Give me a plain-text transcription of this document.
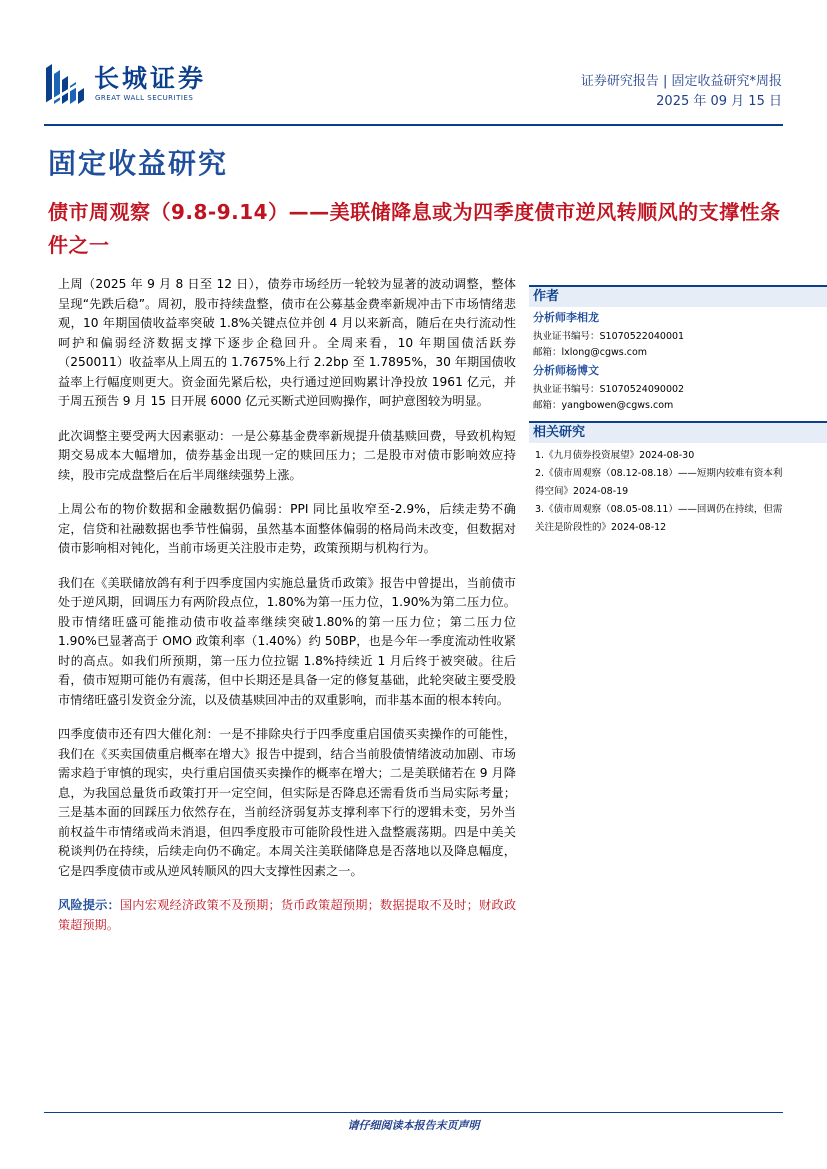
长城证券
GREAT WALL SECURITIES
证券研究报告 | 固定收益研究*周报
2025 年 09 月 15 日
固定收益研究
债市周观察（9.8-9.14）——美联储降息或为四季度债市逆风转顺风的支撑性条件之一

上周（2025 年 9 月 8 日至 12 日），债券市场经历一轮较为显著的波动调整，整体呈现“先跌后稳”。周初，股市持续盘整，债市在公募基金费率新规冲击下市场情绪悲观，10 年期国债收益率突破 1.8%关键点位并创 4 月以来新高，随后在央行流动性呵护和偏弱经济数据支撑下逐步企稳回升。全周来看，10 年期国债活跃券（250011）收益率从上周五的 1.7675%上行 2.2bp 至 1.7895%，30 年期国债收益率上行幅度则更大。资金面先紧后松，央行通过逆回购累计净投放 1961 亿元，并于周五预告 9 月 15 日开展 6000 亿元买断式逆回购操作，呵护意图较为明显。

此次调整主要受两大因素驱动：一是公募基金费率新规提升债基赎回费，导致机构短期交易成本大幅增加，债券基金出现一定的赎回压力；二是股市对债市影响效应持续，股市完成盘整后在后半周继续强势上涨。

上周公布的物价数据和金融数据仍偏弱：PPI 同比虽收窄至-2.9%，后续走势不确定，信贷和社融数据也季节性偏弱，虽然基本面整体偏弱的格局尚未改变，但数据对债市影响相对钝化，当前市场更关注股市走势，政策预期与机构行为。

我们在《美联储放鸽有利于四季度国内实施总量货币政策》报告中曾提出，当前债市处于逆风期，回调压力有两阶段点位，1.80%为第一压力位，1.90%为第二压力位。股市情绪旺盛可能推动债市收益率继续突破1.80%的第一压力位；第二压力位 1.90%已显著高于 OMO 政策利率（1.40%）约 50BP，也是今年一季度流动性收紧时的高点。如我们所预期，第一压力位拉锯 1.8%持续近 1 月后终于被突破。往后看，债市短期可能仍有震荡，但中长期还是具备一定的修复基础，此轮突破主要受股市情绪旺盛引发资金分流，以及债基赎回冲击的双重影响，而非基本面的根本转向。

四季度债市还有四大催化剂：一是不排除央行于四季度重启国债买卖操作的可能性，我们在《买卖国债重启概率在增大》报告中提到，结合当前股债情绪波动加剧、市场需求趋于审慎的现实，央行重启国债买卖操作的概率在增大；二是美联储若在 9 月降息，为我国总量货币政策打开一定空间，但实际是否降息还需看货币当局实际考量；三是基本面的回踩压力依然存在，当前经济弱复苏支撑利率下行的逻辑未变，另外当前权益牛市情绪或尚未消退，但四季度股市可能阶段性进入盘整震荡期。四是中美关税谈判仍在持续，后续走向仍不确定。本周关注美联储降息是否落地以及降息幅度，它是四季度债市或从逆风转顺风的四大支撑性因素之一。

风险提示：国内宏观经济政策不及预期；货币政策超预期；数据提取不及时；财政政策超预期。

作者
分析师李相龙
执业证书编号：S1070522040001
邮箱：lxlong@cgws.com
分析师杨博文
执业证书编号：S1070524090002
邮箱：yangbowen@cgws.com
相关研究
1.《九月债券投资展望》2024-08-30
2.《债市周观察（08.12-08.18）——短期内较难有资本利得空间》2024-08-19
3.《债市周观察（08.05-08.11）——回调仍在持续，但需关注是阶段性的》2024-08-12
请仔细阅读本报告末页声明
